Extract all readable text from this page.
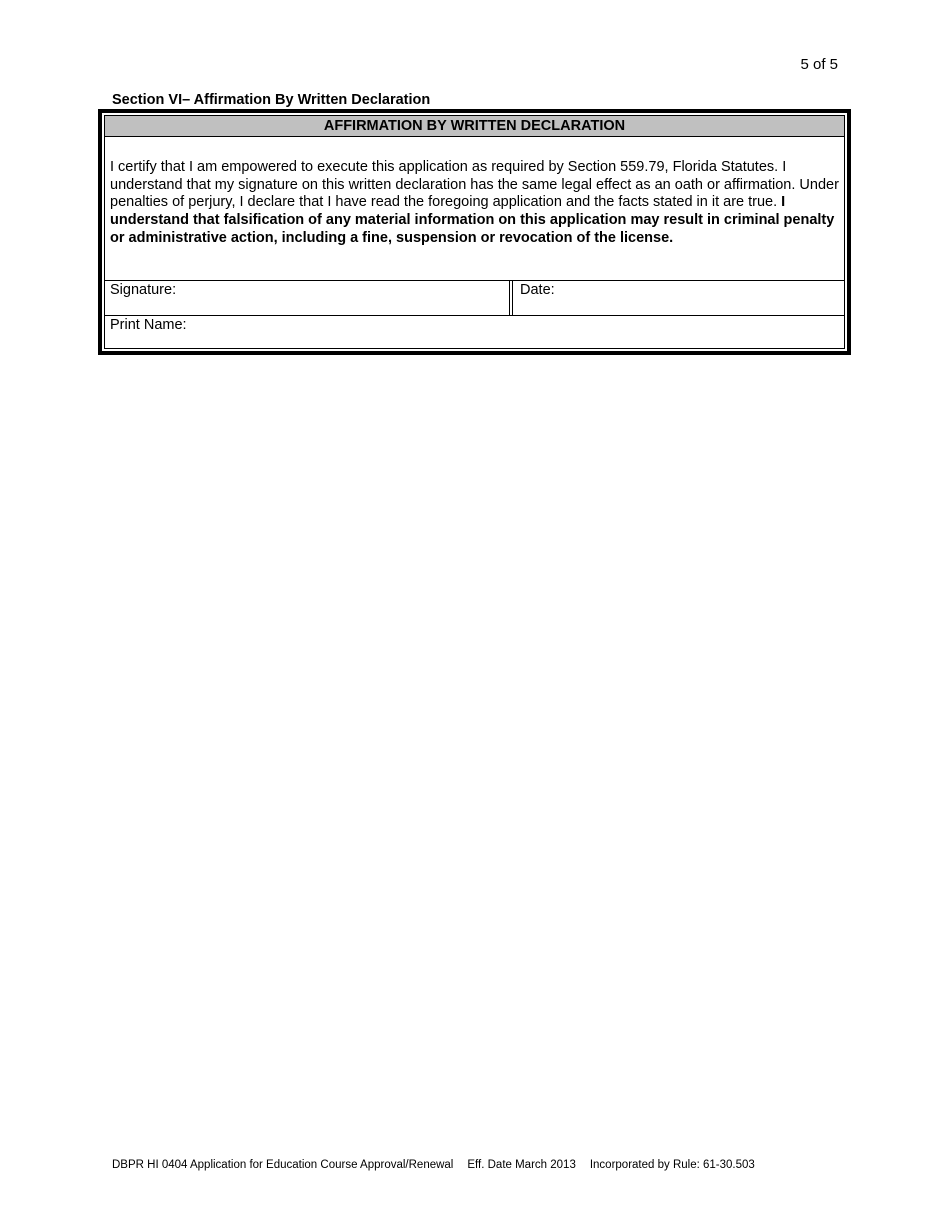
5 of 5
Section VI– Affirmation By Written Declaration
AFFIRMATION BY WRITTEN DECLARATION
I certify that I am empowered to execute this application as required by Section 559.79, Florida Statutes. I understand that my signature on this written declaration has the same legal effect as an oath or affirmation. Under penalties of perjury, I declare that I have read the foregoing application and the facts stated in it are true. I understand that falsification of any material information on this application may result in criminal penalty or administrative action, including a fine, suspension or revocation of the license.
Signature:	Date:
Print Name:
DBPR HI 0404 Application for Education Course Approval/Renewal Eff. Date March 2013 Incorporated by Rule: 61-30.503
